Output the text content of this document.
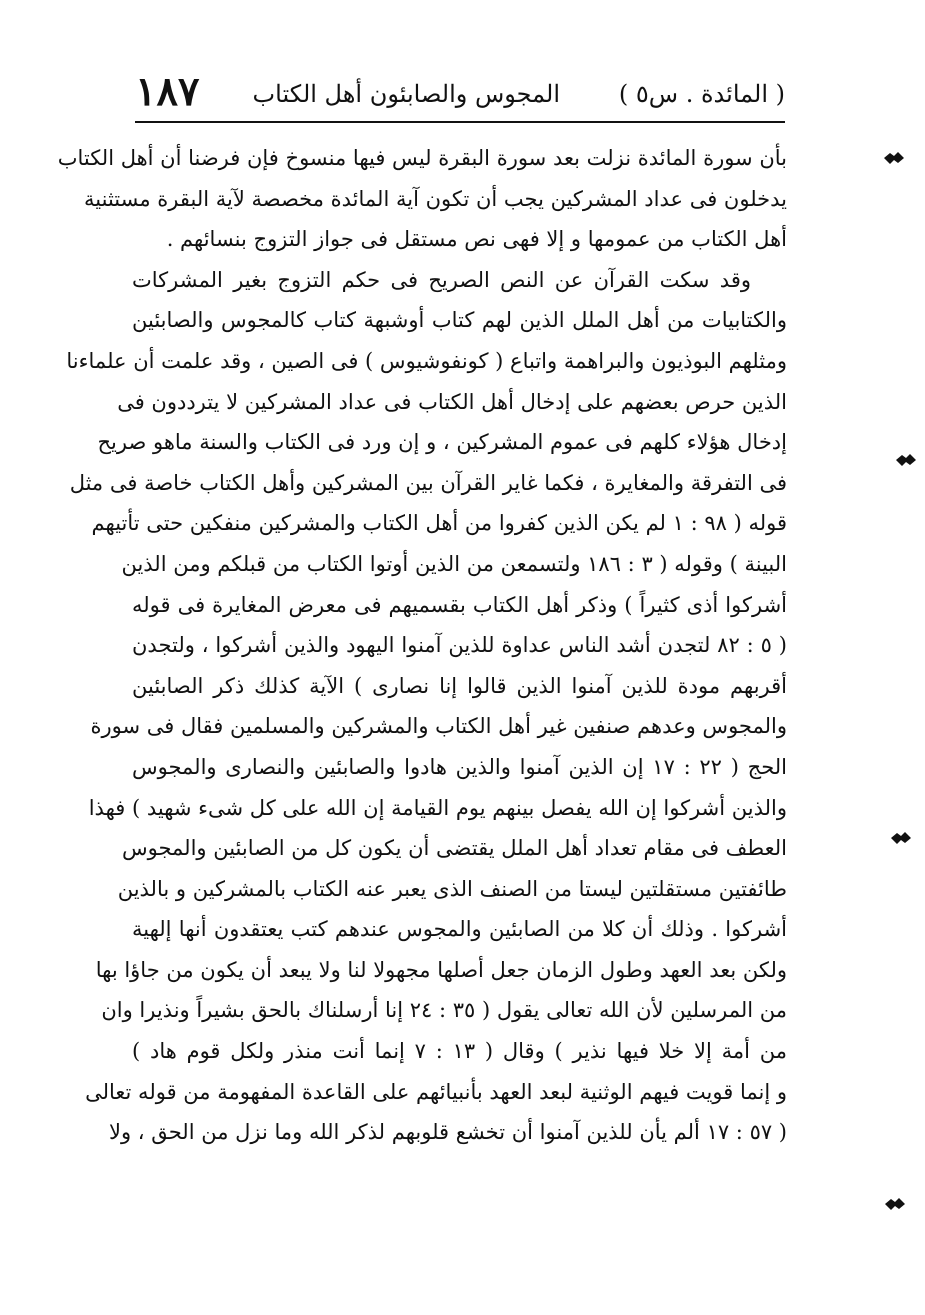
( المائدة . س٥ )
المجوس والصابئون أهل الكتاب
١٨٧
بأن سورة المائدة نزلت بعد سورة البقرة ليس فيها منسوخ فإن فرضنا أن أهل الكتاب
يدخلون فى عداد المشركين يجب أن تكون آية المائدة مخصصة لآية البقرة مستثنية
أهل الكتاب من عمومها و إلا فهى نص مستقل فى جواز التزوج بنسائهم .
وقد سكت القرآن عن النص الصريح فى حكم التزوج بغير المشركات
والكتابيات من أهل الملل الذين لهم كتاب أوشبهة كتاب كالمجوس والصابئين
ومثلهم البوذيون والبراهمة واتباع ( كونفوشيوس ) فى الصين ، وقد علمت أن علماءنا
الذين حرص بعضهم على إدخال أهل الكتاب فى عداد المشركين لا يترددون فى
إدخال هؤلاء كلهم فى عموم المشركين ، و إن ورد فى الكتاب والسنة ماهو صريح
فى التفرقة والمغايرة ، فكما غاير القرآن بين المشركين وأهل الكتاب خاصة فى مثل
قوله ( ٩٨ : ١ لم يكن الذين كفروا من أهل الكتاب والمشركين منفكين حتى تأتيهم
البينة ) وقوله ( ٣ : ١٨٦ ولتسمعن من الذين أوتوا الكتاب من قبلكم ومن الذين
أشركوا أذى كثيراً ) وذكر أهل الكتاب بقسميهم فى معرض المغايرة فى قوله
( ٥ : ٨٢ لتجدن أشد الناس عداوة للذين آمنوا اليهود والذين أشركوا ، ولتجدن
أقربهم مودة للذين آمنوا الذين قالوا إنا نصارى ) الآية كذلك ذكر الصابئين
والمجوس وعدهم صنفين غير أهل الكتاب والمشركين والمسلمين فقال فى سورة
الحج ( ٢٢ : ١٧ إن الذين آمنوا والذين هادوا والصابئين والنصارى والمجوس
والذين أشركوا إن الله يفصل بينهم يوم القيامة إن الله على كل شىء شهيد ) فهذا
العطف فى مقام تعداد أهل الملل يقتضى أن يكون كل من الصابئين والمجوس
طائفتين مستقلتين ليستا من الصنف الذى يعبر عنه الكتاب بالمشركين و بالذين
أشركوا . وذلك أن كلا من الصابئين والمجوس عندهم كتب يعتقدون أنها إلهية
ولكن بعد العهد وطول الزمان جعل أصلها مجهولا لنا ولا يبعد أن يكون من جاؤا بها
من المرسلين لأن الله تعالى يقول ( ٣٥ : ٢٤ إنا أرسلناك بالحق بشيراً ونذيرا وان
من أمة إلا خلا فيها نذير ) وقال ( ١٣ : ٧ إنما أنت منذر ولكل قوم هاد )
و إنما قويت فيهم الوثنية لبعد العهد بأنبيائهم على القاعدة المفهومة من قوله تعالى
( ٥٧ : ١٧ ألم يأن للذين آمنوا أن تخشع قلوبهم لذكر الله وما نزل من الحق ، ولا
